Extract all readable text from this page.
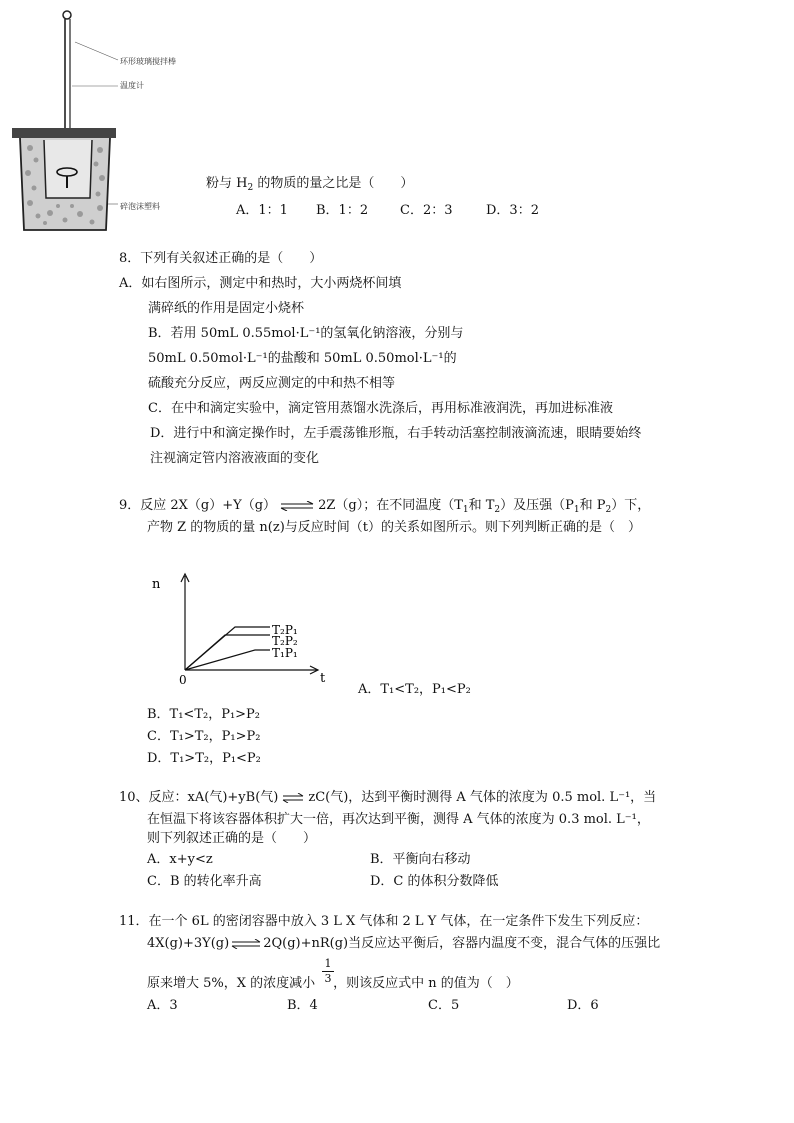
环形玻璃搅拌棒
温度计
碎泡沫塑料
粉与 $H_2$ 的物质的量之比是（　　）
A．1：1 B．1：2 C．2：3	D．3：2
8．下列有关叙述正确的是（　　）
A．如右图所示，测定中和热时，大小两烧杯间填
满碎纸的作用是固定小烧杯
B．若用 50mL 0.55mol·L⁻¹的氢氧化钠溶液，分别与
50mL 0.50mol·L⁻¹的盐酸和 50mL 0.50mol·L⁻¹的
硫酸充分反应，两反应测定的中和热不相等
C．在中和滴定实验中，滴定管用蒸馏水洗涤后，再用标准液润洗，再加进标准液
D．进行中和滴定操作时，左手震荡锥形瓶，右手转动活塞控制液滴流速，眼睛要始终
注视滴定管内溶液液面的变化
9．反应 2X（g）+Y（g） ⇌ 2Z（g）；在不同温度（$T_1$和 $T_2$）及压强（$P_1$和 $P_2$）下，
产物 Z 的物质的量 n(z)与反应时间（t）的关系如图所示。则下列判断正确的是（　）
n
t
0
T₂P₁
T₂P₂
T₁P₁
A．T₁<T₂，P₁<P₂
B．T₁<T₂，P₁>P₂
C．T₁>T₂，P₁>P₂
D．T₁>T₂，P₁<P₂
10、反应：xA(气)+yB(气) ⇌ zC(气)，达到平衡时测得 A 气体的浓度为 0.5 mol. L⁻¹，当
在恒温下将该容器体积扩大一倍，再次达到平衡，测得 A 气体的浓度为 0.3 mol. L⁻¹，
则下列叙述正确的是（　　）
A．x+y<z	B．平衡向右移动
C．B 的转化率升高	D．C 的体积分数降低
11．在一个 6L 的密闭容器中放入 3 L X 气体和 2 L Y 气体，在一定条件下发生下列反应：
4X(g)+3Y(g) ⇌ 2Q(g)+nR(g)当反应达平衡后，容器内温度不变，混合气体的压强比
原来增大 5%，X 的浓度减小 ，则该反应式中 n 的值为（　）
1
3
A．3	B．4	C．5	D．6
